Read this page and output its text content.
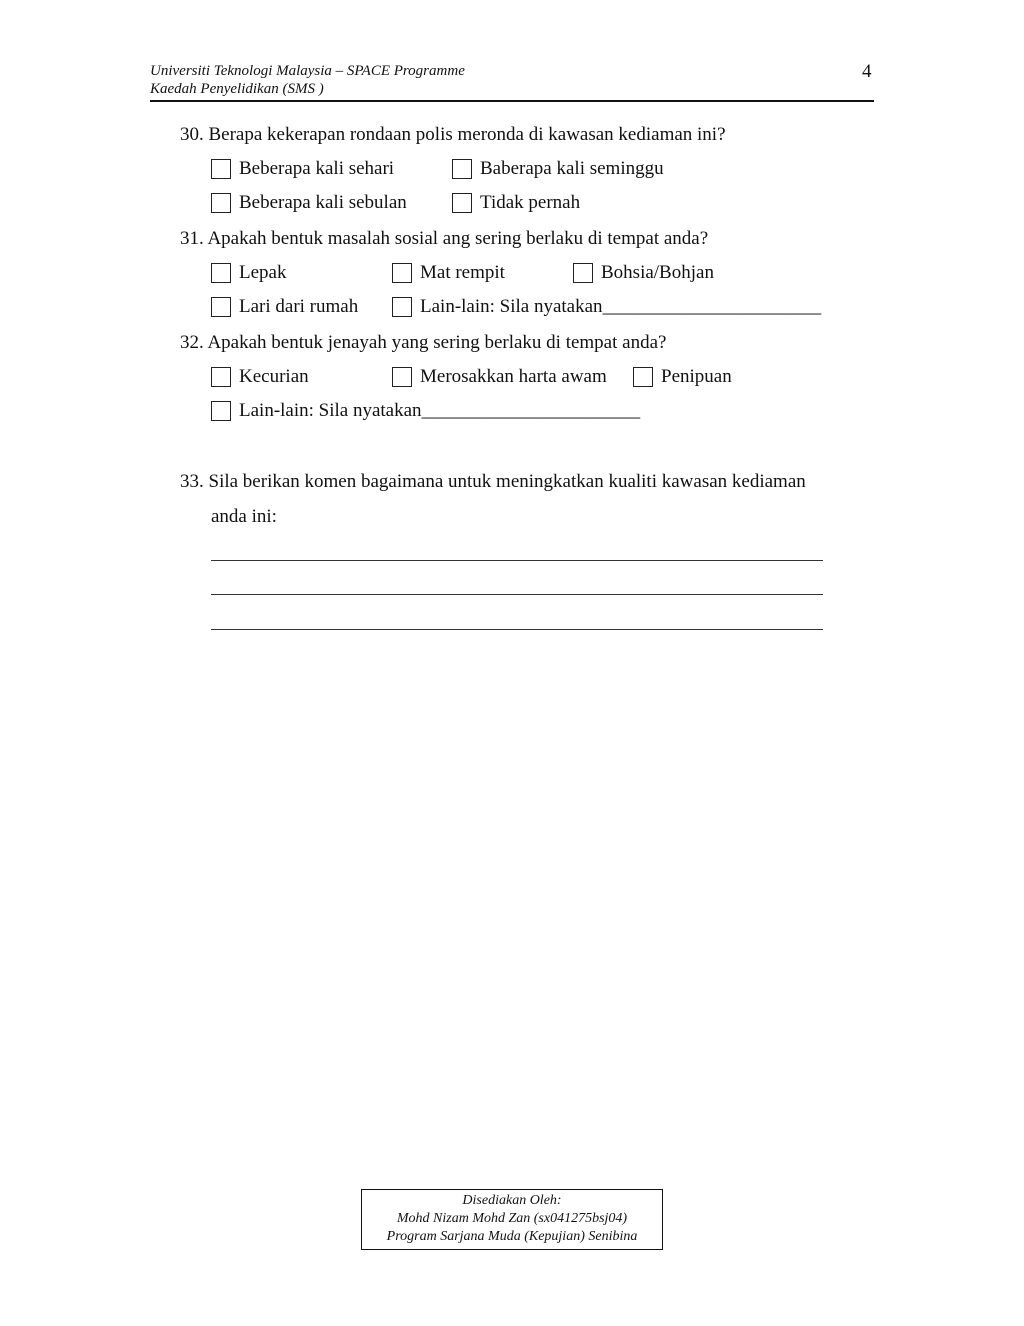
Universiti Teknologi Malaysia – SPACE Programme
Kaedah Penyelidikan (SMS )
4
30. Berapa kekerapan rondaan polis meronda di kawasan kediaman ini?
Beberapa kali sehari	Baberapa kali seminggu
Beberapa kali sebulan	Tidak pernah
31. Apakah bentuk masalah sosial ang sering berlaku di tempat anda?
Lepak	Mat rempit	Bohsia/Bohjan
Lari dari rumah	Lain-lain: Sila nyatakan _______________________
32. Apakah bentuk jenayah yang sering berlaku di tempat anda?
Kecurian	Merosakkan harta awam	Penipuan
Lain-lain: Sila nyatakan _______________________
33. Sila berikan komen bagaimana untuk meningkatkan kualiti kawasan kediaman
anda ini:
Disediakan Oleh:
Mohd Nizam Mohd Zan (sx041275bsj04)
Program Sarjana Muda (Kepujian) Senibina
